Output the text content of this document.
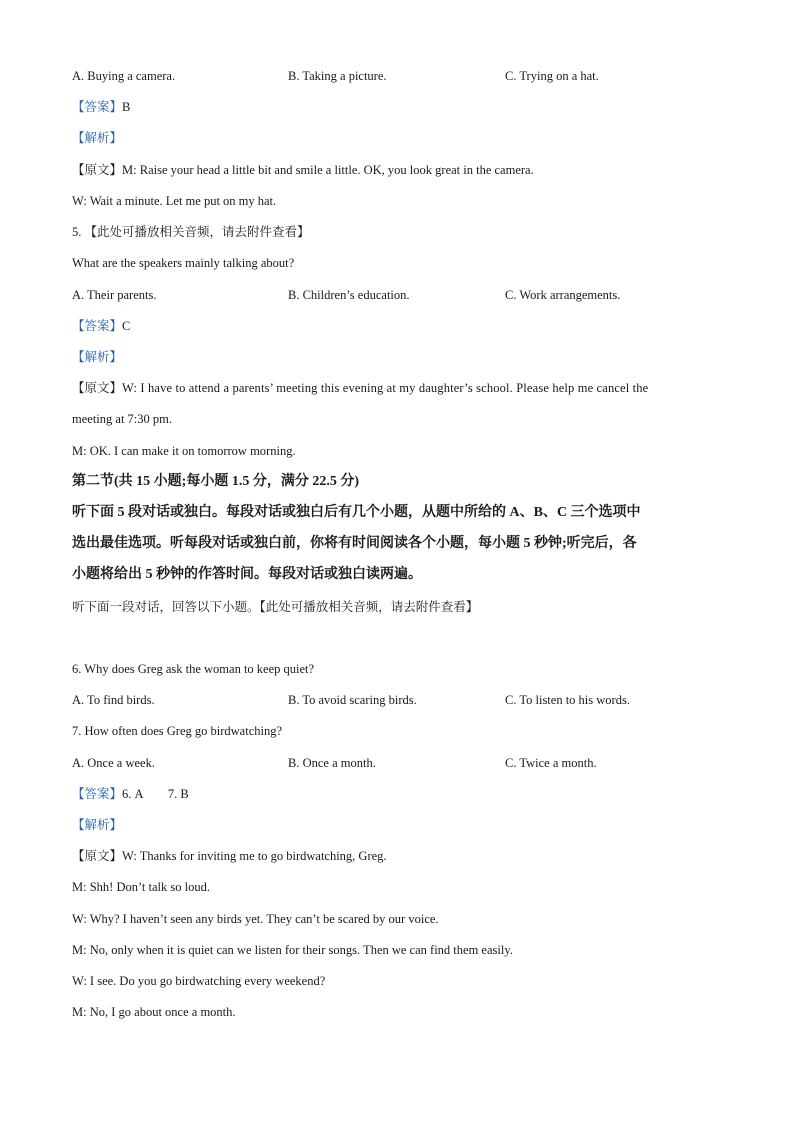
A. Buying a camera.	B. Taking a picture.	C. Trying on a hat.
【答案】B
【解析】
【原文】M: Raise your head a little bit and smile a little. OK, you look great in the camera.
W: Wait a minute. Let me put on my hat.
5. 【此处可播放相关音频，请去附件查看】
What are the speakers mainly talking about?
A. Their parents.	B. Children’s education.	C. Work arrangements.
【答案】C
【解析】
【原文】W: I have to attend a parents’ meeting this evening at my daughter’s school. Please help me cancel the
meeting at 7:30 pm.
M: OK. I can make it on tomorrow morning.
第二节(共 15 小题;每小题 1.5 分，满分 22.5 分)
听下面 5 段对话或独白。每段对话或独白后有几个小题，从题中所给的 A、B、C 三个选项中
选出最佳选项。听每段对话或独白前，你将有时间阅读各个小题，每小题 5 秒钟;听完后，各
小题将给出 5 秒钟的作答时间。每段对话或独白读两遍。
听下面一段对话，回答以下小题。【此处可播放相关音频，请去附件查看】
6. Why does Greg ask the woman to keep quiet?
A. To find birds.	B. To avoid scaring birds.	C. To listen to his words.
7. How often does Greg go birdwatching?
A. Once a week.	B. Once a month.	C. Twice a month.
【答案】6. A        7. B
【解析】
【原文】W: Thanks for inviting me to go birdwatching, Greg.
M: Shh! Don’t talk so loud.
W: Why? I haven’t seen any birds yet. They can’t be scared by our voice.
M: No, only when it is quiet can we listen for their songs. Then we can find them easily.
W: I see. Do you go birdwatching every weekend?
M: No, I go about once a month.
